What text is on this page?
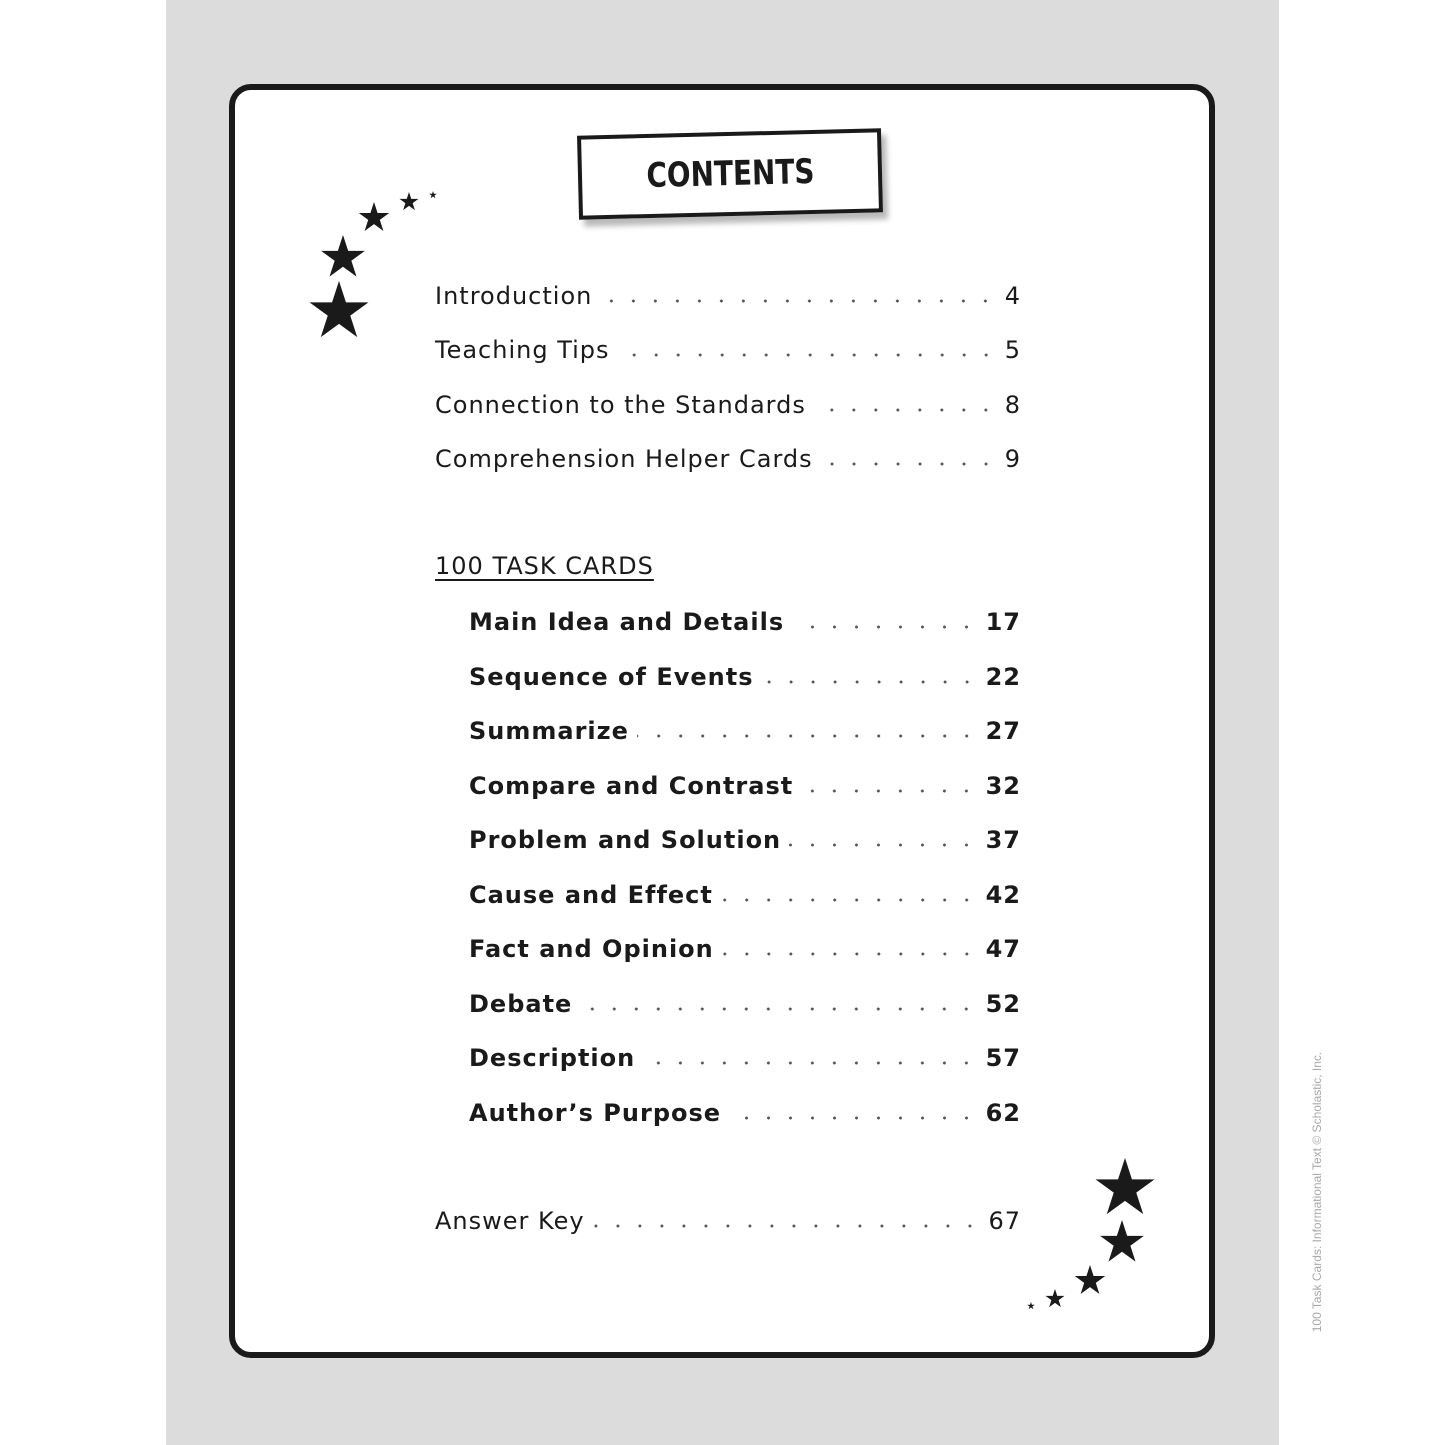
CONTENTS
Introduction	4
Teaching Tips	5
Connection to the Standards	8
Comprehension Helper Cards	9
100 TASK CARDS
Main Idea and Details	17
Sequence of Events	22
Summarize	27
Compare and Contrast	32
Problem and Solution	37
Cause and Effect	42
Fact and Opinion	47
Debate	52
Description	57
Author’s Purpose	62
Answer Key	67	100 Task Cards: Informational Text © Scholastic, Inc.
